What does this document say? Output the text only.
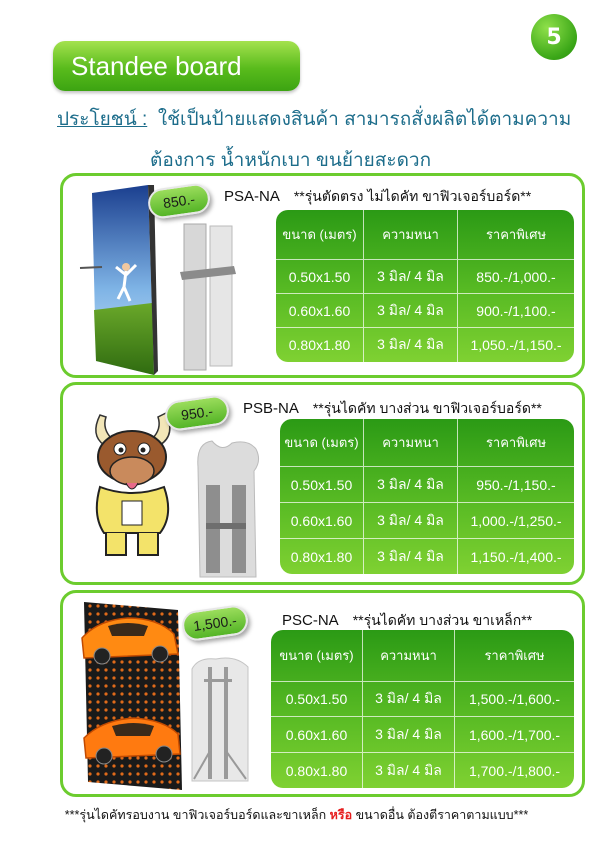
5
Standee board
ประโยชน์ : ใช้เป็นป้ายแสดงสินค้า สามารถสั่งผลิตได้ตามความ
ต้องการ น้ำหนักเบา ขนย้ายสะดวก
850.-	PSA-NA **รุ่นตัดตรง ไม่ไดคัท ขาฟิวเจอร์บอร์ด**
ขนาด (เมตร)	ความหนา	ราคาพิเศษ
0.50x1.50	3 มิล/ 4 มิล	850.-/1,000.-
0.60x1.60	3 มิล/ 4 มิล	900.-/1,100.-
0.80x1.80	3 มิล/ 4 มิล	1,050.-/1,150.-
950.-	PSB-NA **รุ่นไดคัท บางส่วน ขาฟิวเจอร์บอร์ด**
ขนาด (เมตร)	ความหนา	ราคาพิเศษ
0.50x1.50	3 มิล/ 4 มิล	950.-/1,150.-
0.60x1.60	3 มิล/ 4 มิล	1,000.-/1,250.-
0.80x1.80	3 มิล/ 4 มิล	1,150.-/1,400.-
1,500.-	PSC-NA **รุ่นไดคัท บางส่วน ขาเหล็ก**
ขนาด (เมตร)	ความหนา	ราคาพิเศษ
0.50x1.50	3 มิล/ 4 มิล	1,500.-/1,600.-
0.60x1.60	3 มิล/ 4 มิล	1,600.-/1,700.-
0.80x1.80	3 มิล/ 4 มิล	1,700.-/1,800.-
***รุ่นไดคัทรอบงาน ขาฟิวเจอร์บอร์ดและขาเหล็ก หรือ ขนาดอื่น ต้องตีราคาตามแบบ***
